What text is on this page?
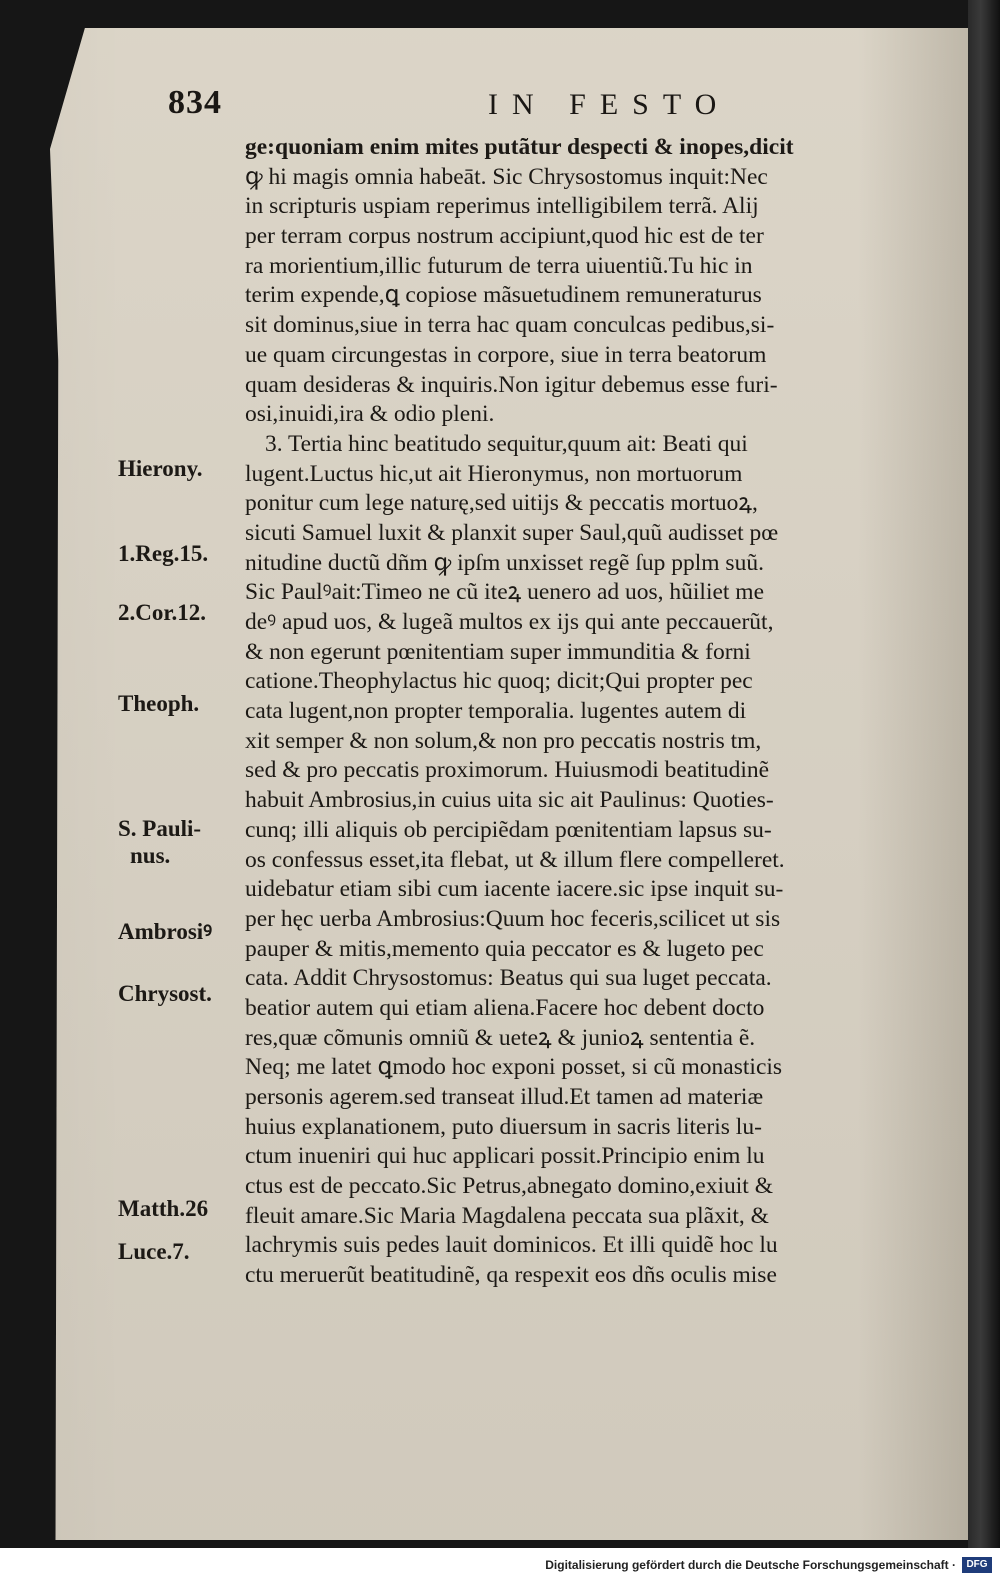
834	IN FESTO
ge:quoniam enim mites putãtur despecti & inopes,dicit
ꝙ hi magis omnia habeāt. Sic Chrysostomus inquit:Nec
in scripturis uspiam reperimus intelligibilem terrã. Alij
per terram corpus nostrum accipiunt,quod hic est de ter
ra morientium,illic futurum de terra uiuentiũ.Tu hic in
terim expende,ꝗ copiose mãsuetudinem remuneraturus
sit dominus,siue in terra hac quam conculcas pedibus,si-
ue quam circungestas in corpore, siue in terra beatorum
quam desideras & inquiris.Non igitur debemus esse furi-
osi,inuidi,ira & odio pleni.
3. Tertia hinc beatitudo sequitur,quum ait: Beati qui
lugent.Luctus hic,ut ait Hieronymus, non mortuorum
ponitur cum lege naturę,sed uitijs & peccatis mortuoꝝ,
sicuti Samuel luxit & planxit super Saul,quũ audisset pœ
nitudine ductũ dñm ꝙ ipſm unxisset regẽ ſup pplm suũ.
Sic Paulꝰait:Timeo ne cũ iteꝝ uenero ad uos, hũiliet me
deꝰ apud uos, & lugeã multos ex ijs qui ante peccauerũt,
& non egerunt pœnitentiam super immunditia & forni
catione.Theophylactus hic quoq; dicit;Qui propter pec
cata lugent,non propter temporalia. lugentes autem di
xit semper & non solum,& non pro peccatis nostris tm,
sed & pro peccatis proximorum. Huiusmodi beatitudinẽ
habuit Ambrosius,in cuius uita sic ait Paulinus: Quoties-
cunq; illi aliquis ob percipiẽdam pœnitentiam lapsus su-
os confessus esset,ita flebat, ut & illum flere compelleret.
uidebatur etiam sibi cum iacente iacere.sic ipse inquit su-
per hęc uerba Ambrosius:Quum hoc feceris,scilicet ut sis
pauper & mitis,memento quia peccator es & lugeto pec
cata. Addit Chrysostomus: Beatus qui sua luget peccata.
beatior autem qui etiam aliena.Facere hoc debent docto
res,quæ cõmunis omniũ & ueteꝝ & junioꝝ sententia ẽ.
Neq; me latet ꝗmodo hoc exponi posset, si cũ monasticis
personis agerem.sed transeat illud.Et tamen ad materiæ
huius explanationem, puto diuersum in sacris literis lu-
ctum inueniri qui huc applicari possit.Principio enim lu
ctus est de peccato.Sic Petrus,abnegato domino,exiuit &
fleuit amare.Sic Maria Magdalena peccata sua plãxit, &
lachrymis suis pedes lauit dominicos. Et illi quidẽ hoc lu
ctu meruerũt beatitudinẽ, qa respexit eos dñs oculis mise
Hierony.
1.Reg.15.
2.Cor.12.
Theoph.
S. Pauli-
nus.
Ambrosiꝰ
Chrysost.
Matth.26
Luce.7.
Digitalisierung gefördert durch die Deutsche Forschungsgemeinschaft ·	DFG
